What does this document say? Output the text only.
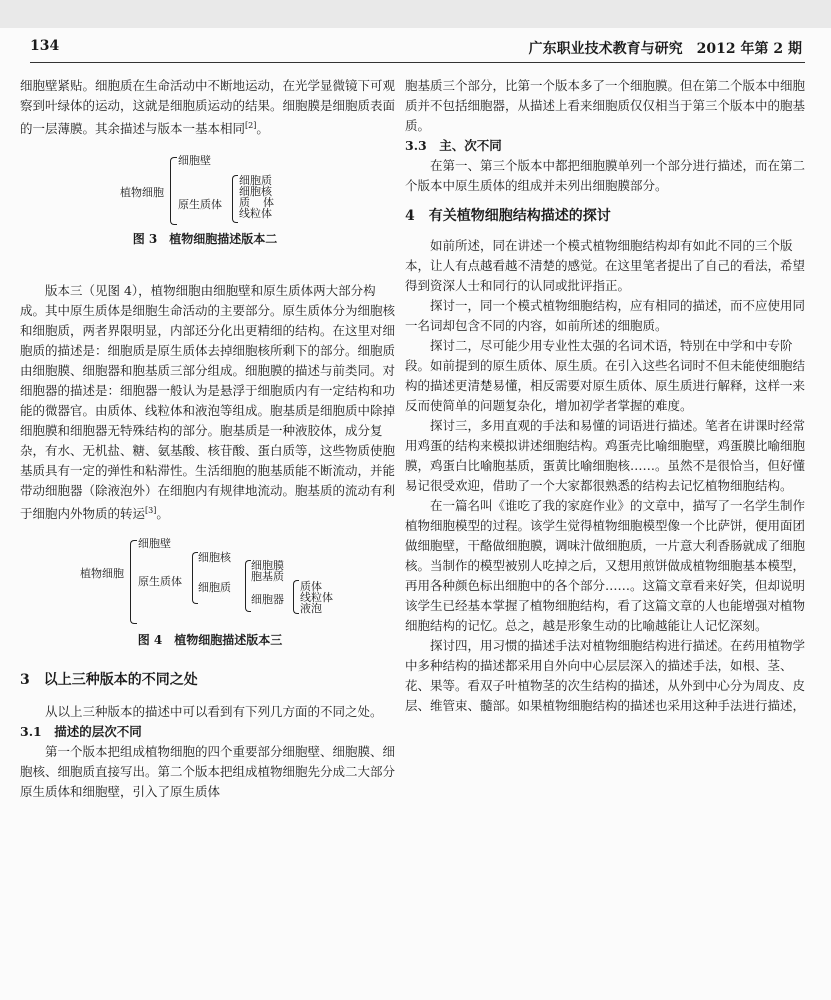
134	广东职业技术教育与研究　2012 年第 2 期

细胞壁紧贴。细胞质在生命活动中不断地运动，在光学显微镜下可观察到叶绿体的运动，这就是细胞质运动的结果。细胞膜是细胞质表面的一层薄膜。其余描述与版本一基本相同[2]。

植物细胞
细胞壁
原生质体
细胞质
细胞核
质 体
线粒体
图 3　植物细胞描述版本二

版本三（见图 4），植物细胞由细胞壁和原生质体两大部分构成。其中原生质体是细胞生命活动的主要部分。原生质体分为细胞核和细胞质，两者界限明显，内部还分化出更精细的结构。在这里对细胞质的描述是：细胞质是原生质体去掉细胞核所剩下的部分。细胞质由细胞膜、细胞器和胞基质三部分组成。细胞膜的描述与前类同。对细胞器的描述是：细胞器一般认为是悬浮于细胞质内有一定结构和功能的微器官。由质体、线粒体和液泡等组成。胞基质是细胞质中除掉细胞膜和细胞器无特殊结构的部分。胞基质是一种液胶体，成分复杂，有水、无机盐、糖、氨基酸、核苷酸、蛋白质等，这些物质使胞基质具有一定的弹性和粘滞性。生活细胞的胞基质能不断流动，并能带动细胞器（除液泡外）在细胞内有规律地流动。胞基质的流动有利于细胞内外物质的转运[3]。

植物细胞
细胞壁
原生质体
细胞核
细胞质
细胞膜
胞基质
细胞器
质体
线粒体
液泡
图 4　植物细胞描述版本三
3　以上三种版本的不同之处

从以上三种版本的描述中可以看到有下列几方面的不同之处。

3.1　描述的层次不同

第一个版本把组成植物细胞的四个重要部分细胞壁、细胞膜、细胞核、细胞质直接写出。第二个版本把组成植物细胞先分成二大部分原生质体和细胞壁，引入了原生质体

胞基质三个部分，比第一个版本多了一个细胞膜。但在第二个版本中细胞质并不包括细胞器，从描述上看来细胞质仅仅相当于第三个版本中的胞基质。

3.3　主、次不同

在第一、第三个版本中都把细胞膜单列一个部分进行描述，而在第二个版本中原生质体的组成并未列出细胞膜部分。

4　有关植物细胞结构描述的探讨

如前所述，同在讲述一个模式植物细胞结构却有如此不同的三个版本，让人有点越看越不清楚的感觉。在这里笔者提出了自己的看法，希望得到资深人士和同行的认同或批评指正。

探讨一，同一个模式植物细胞结构，应有相同的描述，而不应使用同一名词却包含不同的内容，如前所述的细胞质。

探讨二，尽可能少用专业性太强的名词术语，特别在中学和中专阶段。如前提到的原生质体、原生质。在引入这些名词时不但未能使细胞结构的描述更清楚易懂，相反需要对原生质体、原生质进行解释，这样一来反而使简单的问题复杂化，增加初学者掌握的难度。

探讨三，多用直观的手法和易懂的词语进行描述。笔者在讲课时经常用鸡蛋的结构来模拟讲述细胞结构。鸡蛋壳比喻细胞壁，鸡蛋膜比喻细胞膜，鸡蛋白比喻胞基质，蛋黄比喻细胞核……。虽然不是很恰当，但好懂易记很受欢迎，借助了一个大家都很熟悉的结构去记忆植物细胞结构。

在一篇名叫《谁吃了我的家庭作业》的文章中，描写了一名学生制作植物细胞模型的过程。该学生觉得植物细胞模型像一个比萨饼，便用面团做细胞壁，干酪做细胞膜，调味汁做细胞质，一片意大利香肠就成了细胞核。当制作的模型被别人吃掉之后，又想用煎饼做成植物细胞基本模型，再用各种颜色标出细胞中的各个部分……。这篇文章看来好笑，但却说明该学生已经基本掌握了植物细胞结构，看了这篇文章的人也能增强对植物细胞结构的记忆。总之，越是形象生动的比喻越能让人记忆深刻。

探讨四，用习惯的描述手法对植物细胞结构进行描述。在药用植物学中多种结构的描述都采用自外向中心层层深入的描述手法，如根、茎、花、果等。看双子叶植物茎的次生结构的描述，从外到中心分为周皮、皮层、维管束、髓部。如果植物细胞结构的描述也采用这种手法进行描述，
